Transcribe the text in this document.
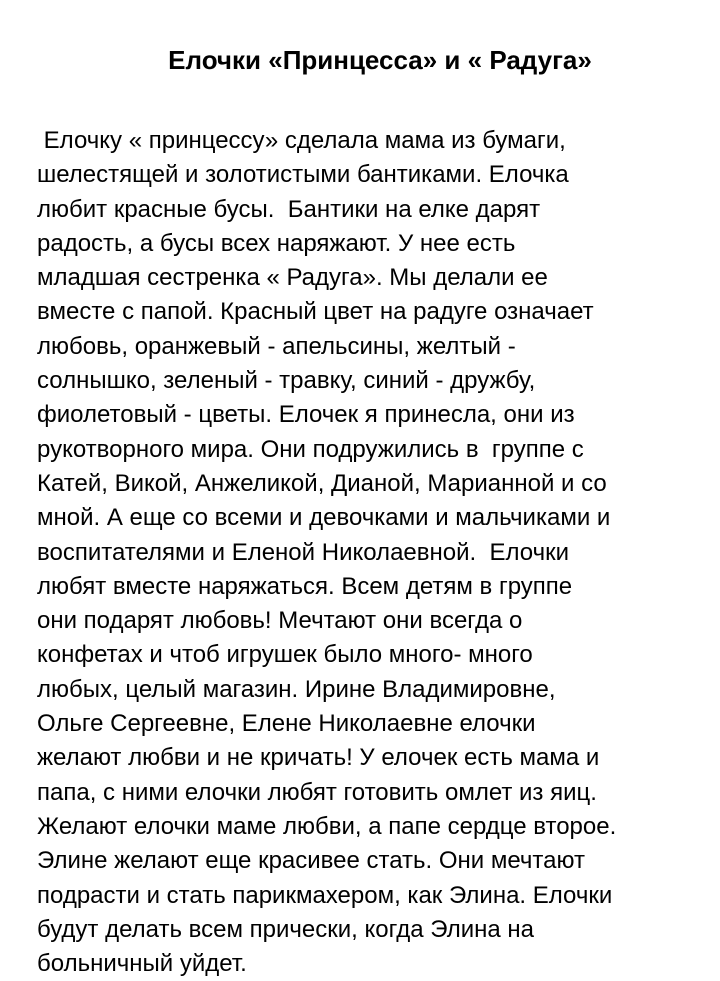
Елочки «Принцесса» и « Радуга»
Елочку « принцессу» сделала мама из бумаги,
шелестящей и золотистыми бантиками. Елочка
любит красные бусы.  Бантики на елке дарят
радость, а бусы всех наряжают. У нее есть
младшая сестренка « Радуга». Мы делали ее
вместе с папой. Красный цвет на радуге означает
любовь, оранжевый - апельсины, желтый -
солнышко, зеленый - травку, синий - дружбу,
фиолетовый - цветы. Елочек я принесла, они из
рукотворного мира. Они подружились в  группе с
Катей, Викой, Анжеликой, Дианой, Марианной и со
мной. А еще со всеми и девочками и мальчиками и
воспитателями и Еленой Николаевной.  Елочки
любят вместе наряжаться. Всем детям в группе
они подарят любовь! Мечтают они всегда о
конфетах и чтоб игрушек было много- много
любых, целый магазин. Ирине Владимировне,
Ольге Сергеевне, Елене Николаевне елочки
желают любви и не кричать! У елочек есть мама и
папа, с ними елочки любят готовить омлет из яиц.
Желают елочки маме любви, а папе сердце второе.
Элине желают еще красивее стать. Они мечтают
подрасти и стать парикмахером, как Элина. Елочки
будут делать всем прически, когда Элина на
больничный уйдет.
